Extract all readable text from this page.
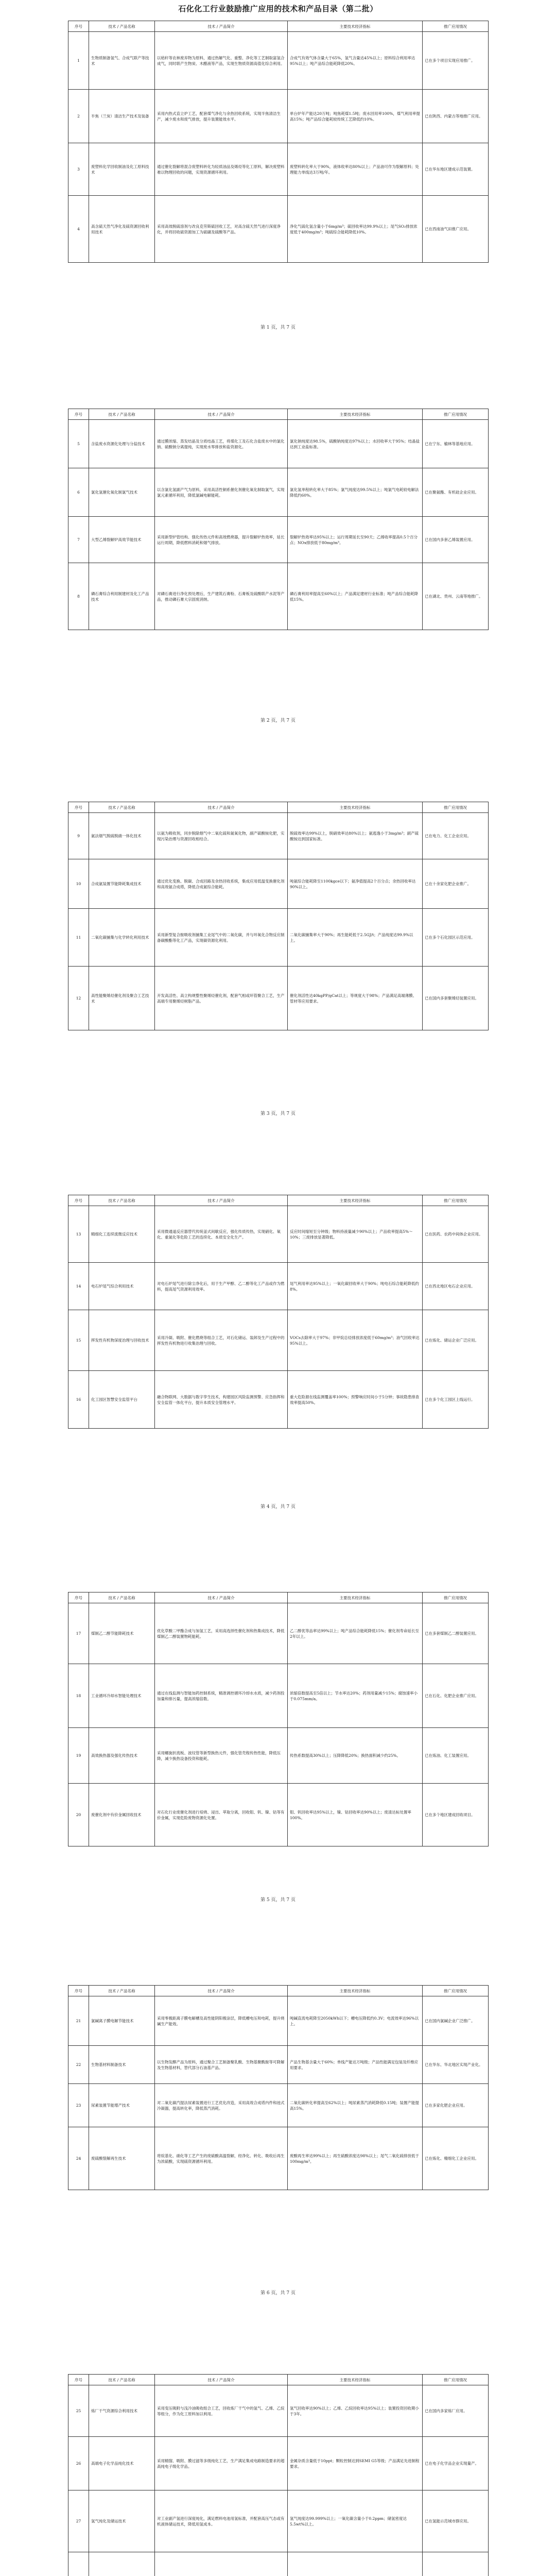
石化化工行业鼓励推广应用的技术和产品目录（第二批）
序号	技术 / 产品名称	技术 / 产品简介	主要技术经济指标	推广应用情况
1	生物质制备氢气、合成气联产等技术	以秸秆等农林废弃物为原料，通过热解气化、重整、净化等工艺制取富氢合成气，同时联产生物炭、木醋液等产品，实现生物质资源高值化综合利用。	合成气有效气体含量大于65%，氢气含量达45%以上；原料综合利用率达95%以上；吨产品综合能耗降低20%。	已在多个项目实现应用推广。
2	半焦（兰炭）清洁生产技术及装备	采用内热式直立炉工艺，配套煤气净化与余热回收系统，实现半焦清洁生产，减少废水和废气排放，提升装置能效水平。	单台炉年产能达20万吨；吨焦耗煤1.5吨；废水回用率100%，煤气利用率提高15%；吨产品综合能耗较传统工艺降低约10%。	已在陕西、内蒙古等地推广应用。
3	废塑料化学回收制油及化工原料技术	通过催化裂解将混合废塑料转化为轻质油品及烯烃等化工原料，解决废塑料难以物理回收的问题，实现资源循环利用。	废塑料转化率大于90%，液体收率达80%以上；产品油可作为裂解原料；处理能力单线达3万吨/年。	已在华东地区建成示范装置。
4	高含硫天然气净化及硫资源回收利用技术	采用高效脱硫溶剂与改良克劳斯硫回收工艺，对高含硫天然气进行深度净化，并将回收硫资源加工为硫磺及硫酸等产品。	净化气硫化氢含量小于6mg/m³；硫回收率达99.9%以上；尾气SO₂排放浓度低于400mg/m³；吨硫综合能耗降低10%。	已在西南油气田推广应用。
第 1 页，共 7 页
序号	技术 / 产品名称	技术 / 产品简介	主要技术经济指标	推广应用情况
5	含盐废水资源化处理与分盐技术	通过膜浓缩、蒸发结晶及分质结晶工艺，将煤化工及石化含盐废水中的氯化钠、硫酸钠分离提纯，实现废水零排放和盐资源化。	氯化钠纯度达98.5%，硫酸钠纯度达97%以上；水回收率大于95%；结晶盐达到工业盐标准。	已在宁东、榆林等基地应用。
6	氯化氢催化氧化制氯气技术	以含氯化氢副产气为原料，采用高活性铜系催化剂催化氧化制取氯气，实现氯元素循环利用，降低氯碱电解能耗。	氯化氢单程转化率大于85%；氯气纯度达99.5%以上；吨氯气电耗较电解法降低约60%。	已在聚氨酯、有机硅企业应用。
7	大型乙烯裂解炉高效节能技术	采用新型炉管结构、强化传热元件和高效燃烧器，提升裂解炉热效率，延长运行周期，降低燃料消耗和烟气排放。	裂解炉热效率达95%以上；运行周期延长至90天；乙烯收率提高0.5个百分点；NOx排放低于80mg/m³。	已在国内多套乙烯装置应用。
8	磷石膏综合利用制建材及化工产品技术	对磷石膏进行净化预处理后，生产建筑石膏粉、石膏板及硫酸联产水泥等产品，推动磷石膏大宗固废消纳。	磷石膏利用率提高至60%以上；产品满足建材行业标准；吨产品综合能耗降低15%。	已在湖北、贵州、云南等地推广。
第 2 页，共 7 页
序号	技术 / 产品名称	技术 / 产品简介	主要技术经济指标	推广应用情况
9	氨法烟气脱硫脱硝一体化技术	以氨为吸收剂，同步脱除烟气中二氧化硫和氮氧化物，副产硫酸铵化肥，实现污染治理与资源回收相结合。	脱硫效率达99%以上，脱硝效率达80%以上；氨逃逸小于3mg/m³；副产硫酸铵达到国家标准。	已在电力、化工企业应用。
10	合成氨装置节能降耗集成技术	通过优化变换、脱碳、合成回路及余热回收系统，集成应用低温变换催化剂和高效氨合成塔，降低合成氨综合能耗。	吨氨综合能耗降至1100kgce以下；氨净值提高2个百分点；余热回收率达90%以上。	已在十余家化肥企业推广。
11	二氧化碳捕集与化学转化利用技术	采用新型复合胺吸收剂捕集工业尾气中的二氧化碳，并与环氧化合物反应制备碳酸酯等化工产品，实现碳资源化利用。	二氧化碳捕集率大于90%；再生能耗低于2.5GJ/t；产品纯度达99.9%以上。	已在多个石化园区示范应用。
12	高性能聚烯烃催化剂及聚合工艺技术	开发高活性、高立构规整性聚烯烃催化剂，配套气相或环管聚合工艺，生产高端专用聚烯烃树脂产品。	催化剂活性达40kgPP/gCat以上；等规度大于98%；产品满足高端薄膜、管材等应用要求。	已在国内多套聚烯烃装置应用。
第 3 页，共 7 页
序号	技术 / 产品名称	技术 / 产品简介	主要技术经济指标	推广应用情况
13	精细化工连续流微反应技术	采用微通道反应器替代传统釜式间歇反应，强化传质传热，实现硝化、氧化、重氮化等危险工艺的连续化、本质安全化生产。	反应时间缩短至分钟级；物料持液量减少90%以上；产品收率提高5%～10%；三废排放显著降低。	已在医药、农药中间体企业应用。
14	电石炉尾气综合利用技术	对电石炉尾气进行除尘净化后，用于生产甲醇、乙二醇等化工产品或作为燃料，提高尾气资源利用效率。	尾气利用率达95%以上；一氧化碳回收率大于90%；吨电石综合能耗降低约8%。	已在西北地区电石企业应用。
15	挥发性有机物深度治理与回收技术	采用冷凝、吸附、催化燃烧等组合工艺，对石化储运、装卸及生产过程中的挥发性有机物进行收集治理与回收。	VOCs去除率大于97%；非甲烷总烃排放浓度低于60mg/m³；油气回收率达95%以上。	已在炼化、储运企业广泛应用。
16	化工园区智慧安全监管平台	融合物联网、大数据与数字孪生技术，构建园区风险监测预警、应急指挥和安全监管一体化平台，提升本质安全管理水平。	重大危险源在线监测覆盖率100%；预警响应时间小于5分钟；事故隐患排查效率提高50%。	已在多个化工园区上线运行。
第 4 页，共 7 页
序号	技术 / 产品名称	技术 / 产品简介	主要技术经济指标	推广应用情况
17	煤制乙二醇节能降耗技术	优化草酸二甲酯合成与加氢工艺，采用高选择性催化剂和热集成技术，降低煤制乙二醇装置物耗能耗。	乙二醇优等品率达99%以上；吨产品综合能耗降低15%；催化剂寿命延长至2年以上。	已在多套煤制乙二醇装置应用。
18	工业循环冷却水智能处理技术	通过在线监测与智能加药控制系统，精准调控循环冷却水水质，减少药剂投加量和排污量，提高浓缩倍数。	浓缩倍数提高至5倍以上；节水率达20%；药剂用量减少15%；腐蚀速率小于0.075mm/a。	已在石化、化肥企业推广应用。
19	高效换热器及强化传热技术	采用螺旋折流板、波纹管等新型换热元件，强化管壳程传热性能，降低压降，减少换热设备投资和能耗。	传热系数提高30%以上；压降降低20%；换热面积减少约25%。	已在炼油、化工装置应用。
20	废催化剂中有价金属回收技术	对石化行业废催化剂进行焙烧、浸出、萃取分离，回收钼、钒、镍、钴等有价金属，实现危险废物资源化处置。	钼、钒回收率达95%以上，镍、钴回收率达90%以上；废渣达标处置率100%。	已在多个地区建成回收项目。
第 5 页，共 7 页
序号	技术 / 产品名称	技术 / 产品简介	主要技术经济指标	推广应用情况
21	氯碱离子膜电解节能技术	采用零极距离子膜电解槽及高性能阴阳极涂层，降低槽电压和电耗，提升烧碱生产能效。	吨碱直流电耗降至2050kWh以下；槽电压降低约0.3V；电流效率达96%以上。	已在国内氯碱企业广泛推广。
22	生物基材料制备技术	以生物发酵产品为原料，通过聚合工艺制备聚乳酸、生物基聚酰胺等可降解及生物基材料，替代部分石油基产品。	产品生物基含量大于60%；单线产能达万吨级；产品性能满足包装及纤维应用要求。	已在华东、华北地区实现产业化。
23	尿素装置节能增产技术	对二氧化碳汽提法尿素装置进行工艺优化改造，采用高效合成塔内件和池式冷凝器，提高转化率，降低蒸汽消耗。	二氧化碳转化率提高至62%以上；吨尿素蒸汽消耗降低0.15吨；装置产能提高15%。	已在多家化肥企业应用。
24	废硫酸裂解再生技术	将烷基化、硝化等工艺产生的废硫酸高温裂解，经净化、转化、吸收后再生为浓硫酸，实现硫资源循环利用。	废酸再生率达99%以上；再生硫酸浓度达98%以上；尾气二氧化硫排放低于100mg/m³。	已在炼化、精细化工企业应用。
第 6 页，共 7 页
序号	技术 / 产品名称	技术 / 产品简介	主要技术经济指标	推广应用情况
25	炼厂干气资源综合利用技术	采用变压吸附与浅冷油吸收组合工艺，回收炼厂干气中的氢气、乙烯、乙烷等组分，作为化工原料加以利用。	氢气回收率达90%以上；乙烯、乙烷回收率达95%以上；装置投资回收期小于3年。	已在国内多家炼厂应用。
26	高端电子化学品纯化技术	采用精馏、吸附、膜过滤等多级纯化工艺，生产满足集成电路制造要求的超高纯电子级化学品。	金属杂质含量低于10ppt；颗粒控制达到SEMI G5等级；产品满足先进制程要求。	已在电子化学品企业实现量产。
27	氢气纯化及储运技术	对工业副产氢进行深度纯化，满足燃料电池用氢标准，并配套高压气态或有机液体储运技术，降低用氢成本。	氢气纯度达99.999%以上；一氧化碳含量小于0.2ppm；储氢密度达5.5wt%以上。	已在氢能示范城市群应用。
